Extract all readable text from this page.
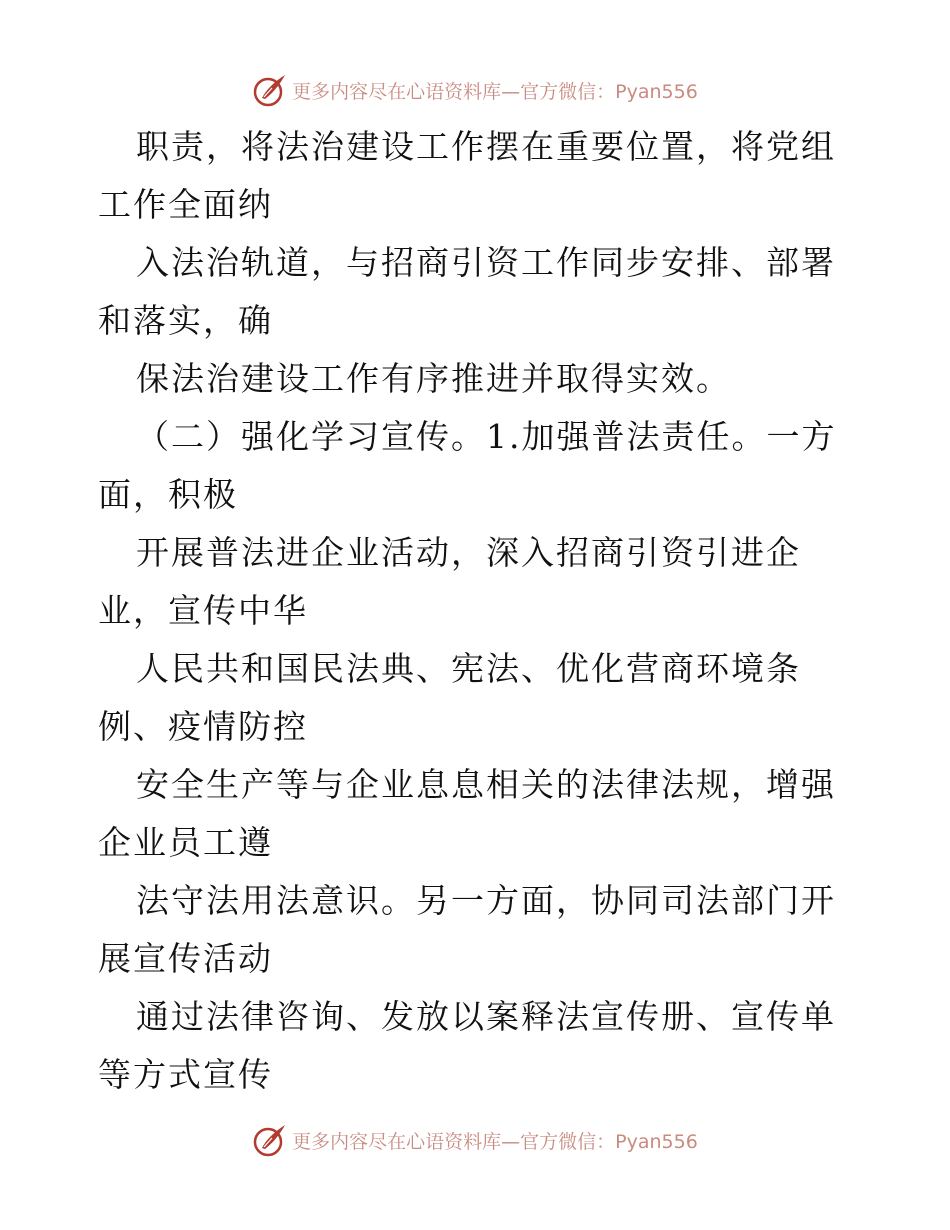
更多内容尽在心语资料库—官方微信：Pyan556

职责，将法治建设工作摆在重要位置，将党组工作全面纳

入法治轨道，与招商引资工作同步安排、部署和落实，确

保法治建设工作有序推进并取得实效。

（二）强化学习宣传。1.加强普法责任。一方面，积极

开展普法进企业活动，深入招商引资引进企业，宣传中华

人民共和国民法典、宪法、优化营商环境条例、疫情防控

安全生产等与企业息息相关的法律法规，增强企业员工遵

法守法用法意识。另一方面，协同司法部门开展宣传活动

通过法律咨询、发放以案释法宣传册、宣传单等方式宣传

更多内容尽在心语资料库—官方微信：Pyan556
